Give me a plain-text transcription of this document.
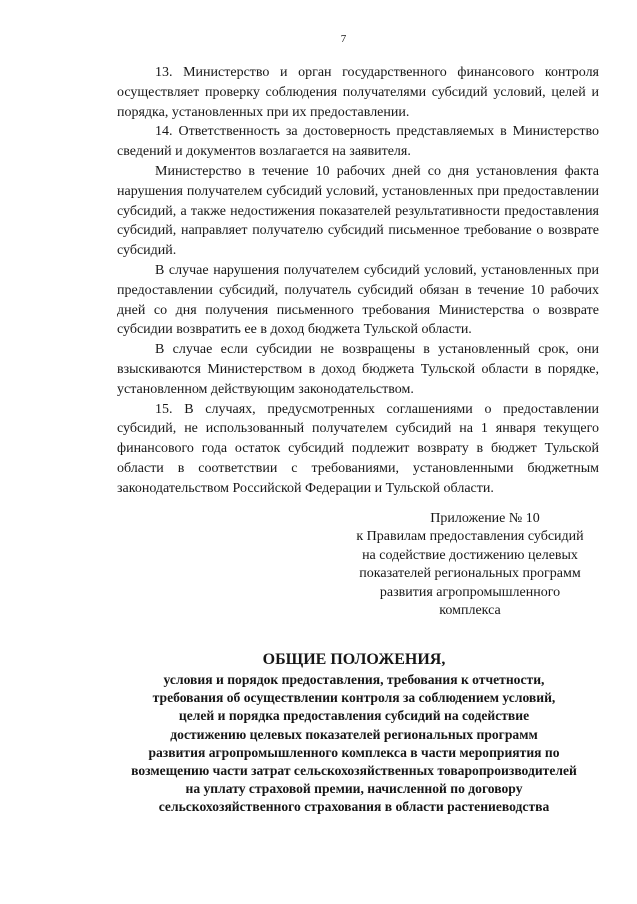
7

13. Министерство и орган государственного финансового контроля осуществляет проверку соблюдения получателями субсидий условий, целей и порядка, установленных при их предоставлении.

14. Ответственность за достоверность представляемых в Министерство сведений и документов возлагается на заявителя.

Министерство в течение 10 рабочих дней со дня установления факта нарушения получателем субсидий условий, установленных при предоставлении субсидий, а также недостижения показателей результативности предоставления субсидий, направляет получателю субсидий письменное требование о возврате субсидий.

В случае нарушения получателем субсидий условий, установленных при предоставлении субсидий, получатель субсидий обязан в течение 10 рабочих дней со дня получения письменного требования Министерства о возврате субсидии возвратить ее в доход бюджета Тульской области.

В случае если субсидии не возвращены в установленный срок, они взыскиваются Министерством в доход бюджета Тульской области в порядке, установленном действующим законодательством.

15. В случаях, предусмотренных соглашениями о предоставлении субсидий, не использованный получателем субсидий на 1 января текущего финансового года остаток субсидий подлежит возврату в бюджет Тульской области в соответствии с требованиями, установленными бюджетным законодательством Российской Федерации и Тульской области.

Приложение № 10
к Правилам предоставления субсидий
на содействие достижению целевых
показателей региональных программ
развития агропромышленного
комплекса
ОБЩИЕ ПОЛОЖЕНИЯ,
условия и порядок предоставления, требования к отчетности,
требования об осуществлении контроля за соблюдением условий,
целей и порядка предоставления субсидий на содействие
достижению целевых показателей региональных программ
развития агропромышленного комплекса в части мероприятия по
возмещению части затрат сельскохозяйственных товаропроизводителей
на уплату страховой премии, начисленной по договору
сельскохозяйственного страхования в области растениеводства
